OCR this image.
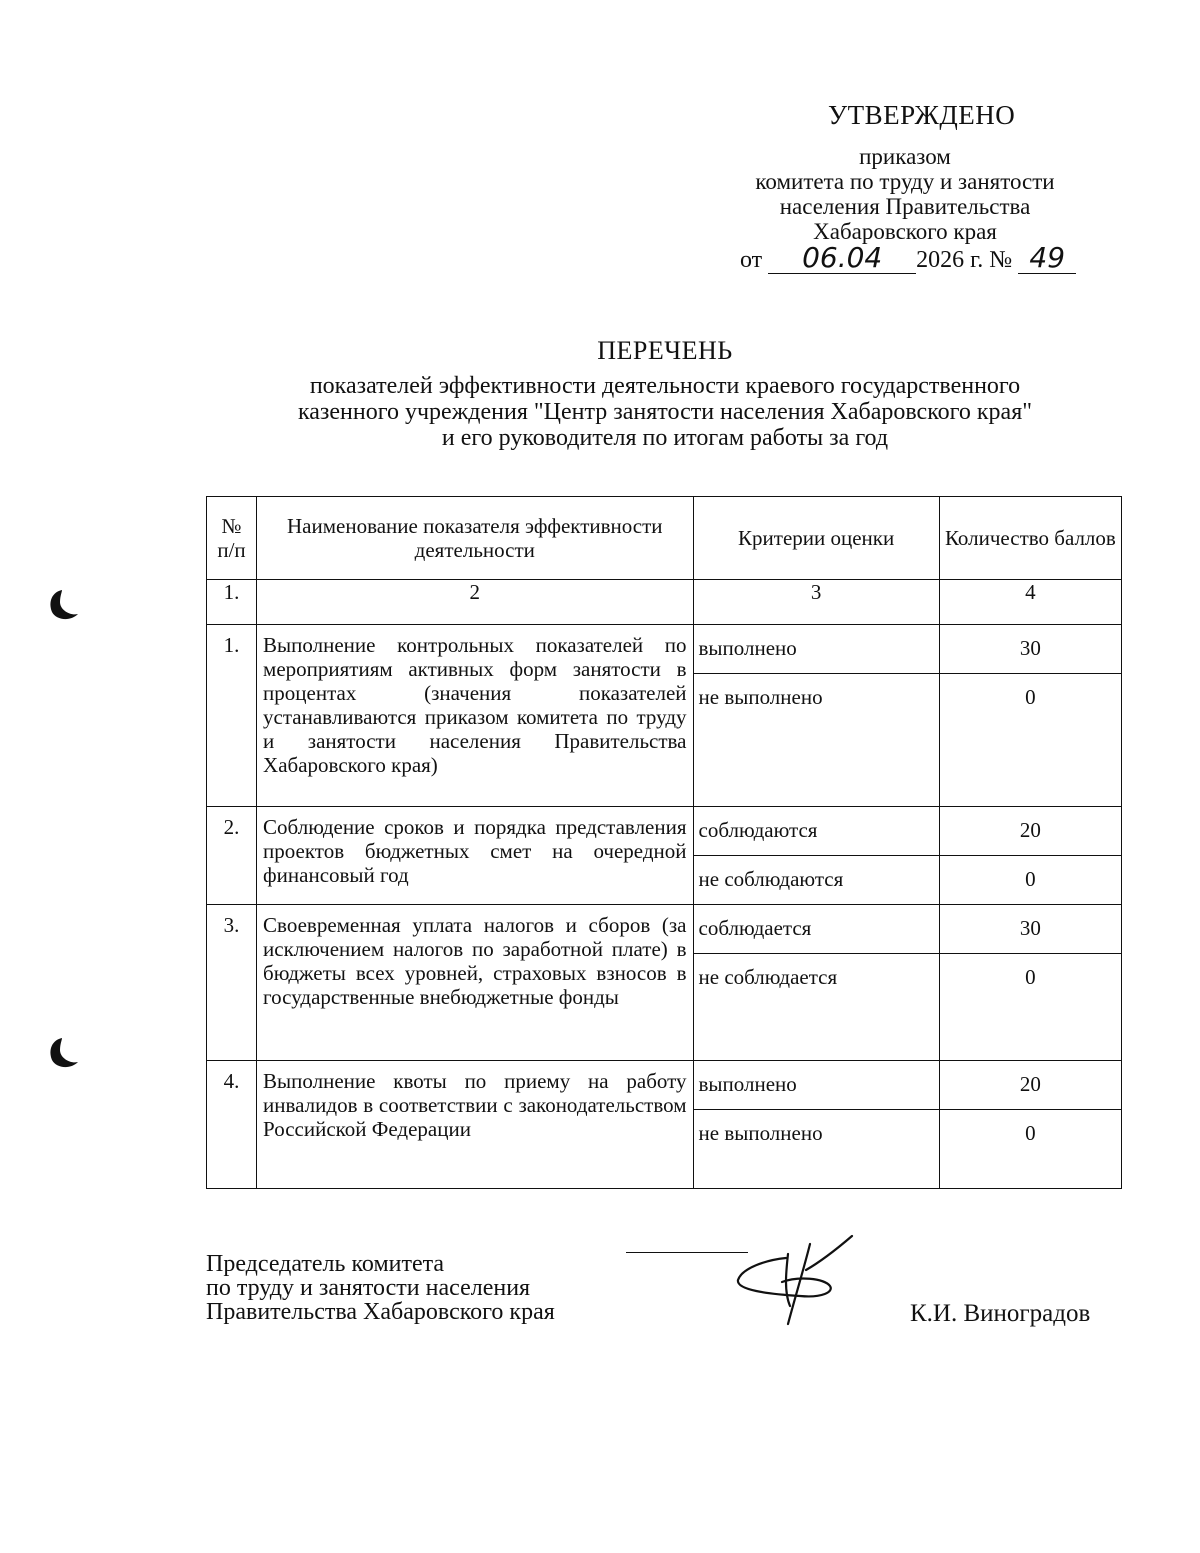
УТВЕРЖДЕНО
приказом
комитета по труду и занятости
населения Правительства
Хабаровского края
от 06.04 2026 г. № 49
ПЕРЕЧЕНЬ
показателей эффективности деятельности краевого государственного
казенного учреждения "Центр занятости населения Хабаровского края"
и его руководителя по итогам работы за год
№ п/п	Наименование показателя эффективности деятельности	Критерии оценки	Количество баллов
1.	2	3	4
1.	Выполнение контрольных показателей по мероприятиям активных форм занятости в процентах (значения показателей устанавливаются приказом комитета по труду и занятости населения Правительства Хабаровского края)	выполнено	30
		не выполнено	0
2.	Соблюдение сроков и порядка представления проектов бюджетных смет на очередной финансовый год	соблюдаются	20
		не соблюдаются	0
3.	Своевременная уплата налогов и сборов (за исключением налогов по заработной плате) в бюджеты всех уровней, страховых взносов в государственные внебюджетные фонды	соблюдается	30
		не соблюдается	0
4.	Выполнение квоты по приему на работу инвалидов в соответствии с законодательством Российской Федерации	выполнено	20
		не выполнено	0
Председатель комитета
по труду и занятости населения
Правительства Хабаровского края	К.И. Виноградов
